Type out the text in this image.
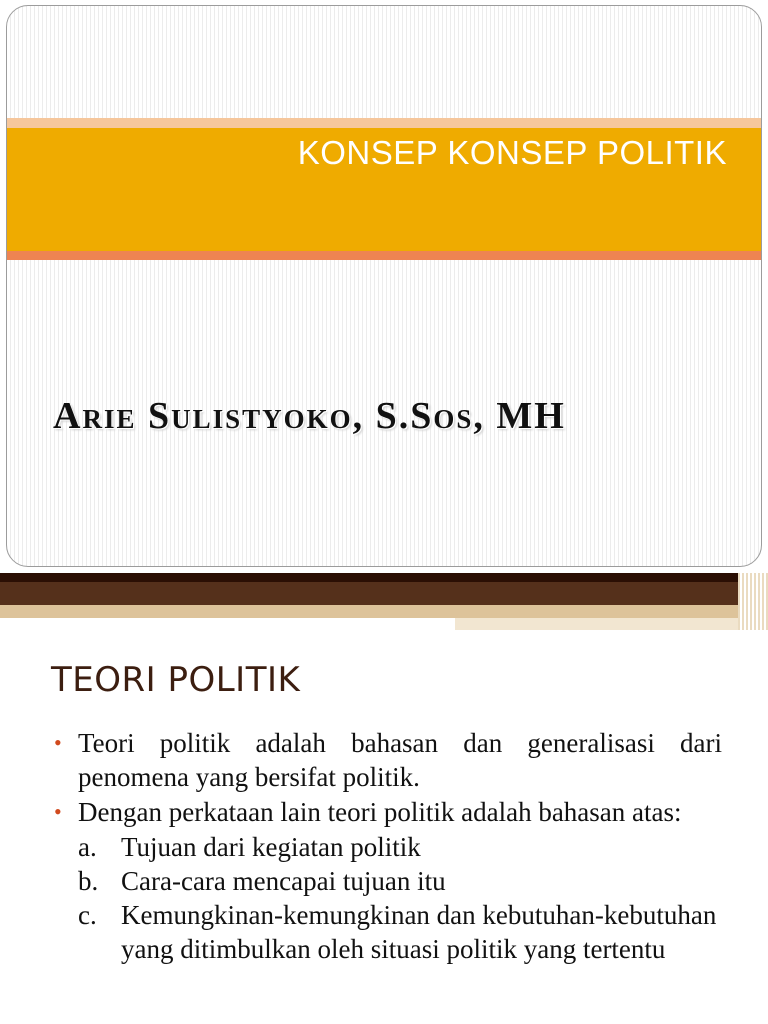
KONSEP KONSEP POLITIK
Arie Sulistyoko, S.Sos, MH
TEORI POLITIK
• Teori politik adalah bahasan dan generalisasi dari penomena yang bersifat politik.
• Dengan perkataan lain teori politik adalah bahasan atas:
a. Tujuan dari kegiatan politik
b. Cara-cara mencapai tujuan itu
c. Kemungkinan-kemungkinan dan kebutuhan-kebutuhan yang ditimbulkan oleh situasi politik yang tertentu
